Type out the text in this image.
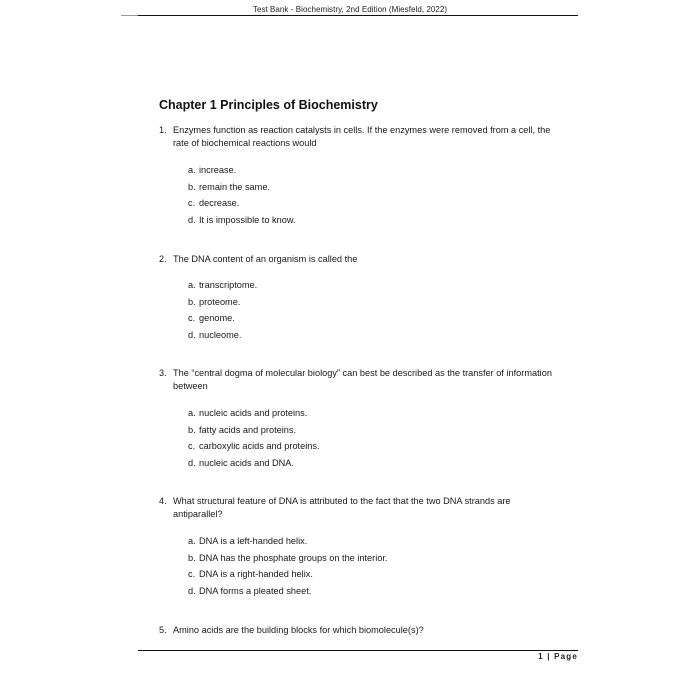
Test Bank - Biochemistry, 2nd Edition (Miesfeld, 2022)
Chapter 1 Principles of Biochemistry
1. Enzymes function as reaction catalysts in cells. If the enzymes were removed from a cell, the rate of biochemical reactions would
a. increase.
b. remain the same.
c. decrease.
d. It is impossible to know.
2. The DNA content of an organism is called the
a. transcriptome.
b. proteome.
c. genome.
d. nucleome.
3. The “central dogma of molecular biology” can best be described as the transfer of information between
a. nucleic acids and proteins.
b. fatty acids and proteins.
c. carboxylic acids and proteins.
d. nucleic acids and DNA.
4. What structural feature of DNA is attributed to the fact that the two DNA strands are antiparallel?
a. DNA is a left-handed helix.
b. DNA has the phosphate groups on the interior.
c. DNA is a right-handed helix.
d. DNA forms a pleated sheet.
5. Amino acids are the building blocks for which biomolecule(s)?
1 | Page
